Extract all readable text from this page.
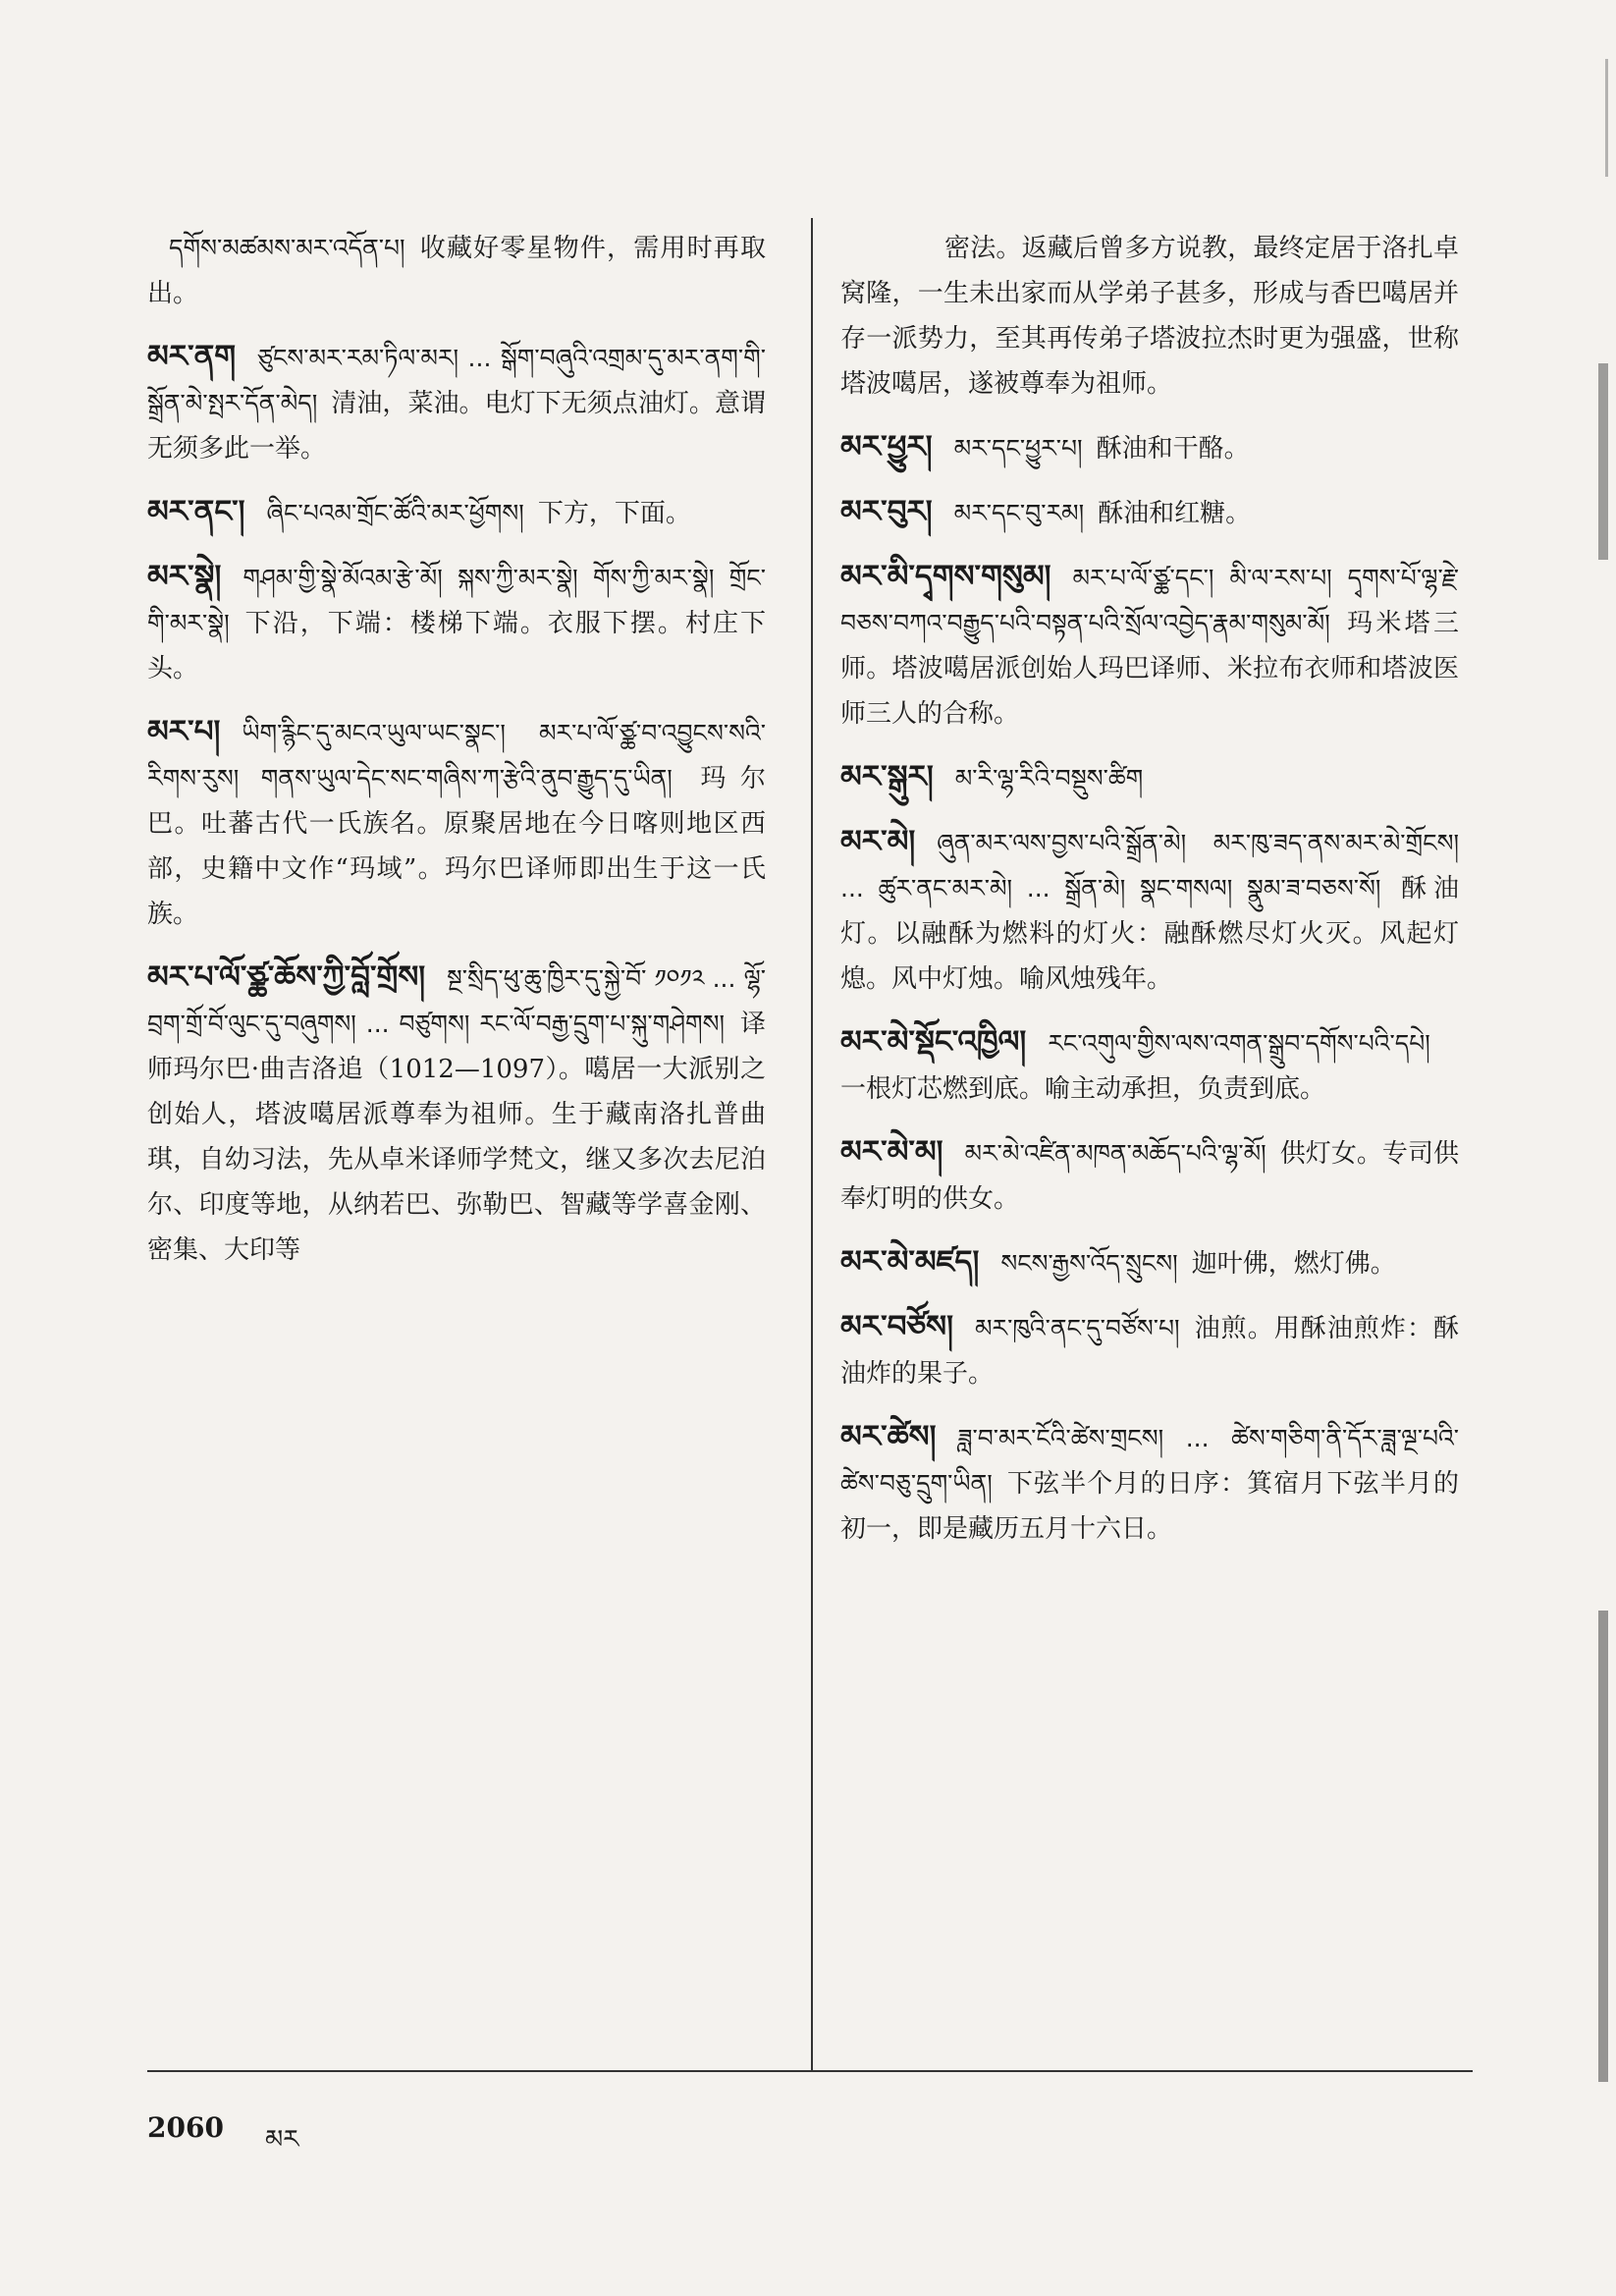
དགོས་མཚམས་མར་འདོན་པ། 收藏好零星物件，需用时再取出。
མར་ནག ཙུངས་མར་རམ་ཏིལ་མར། ... སྒོག་བཞུའི་འགྲམ་དུ་མར་ནག་གི་སྒྲོན་མེ་སྤར་དོན་མེད། 清油，菜油。电灯下无须点油灯。意谓无须多此一举。
མར་ནང་། ཞིང་པའམ་གྲོང་ཚོའི་མར་ཕྱོགས། 下方，下面。
མར་སྣེ། གཤམ་གྱི་སྣེ་མོའམ་རྩེ་མོ། སྐས་ཀྱི་མར་སྣེ། གོས་ཀྱི་མར་སྣེ། གྲོང་གི་མར་སྣེ། 下沿，下端：楼梯下端。衣服下摆。村庄下头。
མར་པ། ཡིག་རྙིང་དུ་མངའ་ཡུལ་ཡང་སྣང་། མར་པ་ལོ་ཙྪ་བ་འབྱུངས་སའི་རིགས་རུས། གནས་ཡུལ་དེང་སང་གཞིས་ཀ་རྩེའི་ནུབ་རྒྱུད་དུ་ཡིན། 玛尔巴。吐蕃古代一氏族名。原聚居地在今日喀则地区西部，史籍中文作“玛域”。玛尔巴译师即出生于这一氏族。
མར་པ་ལོ་ཙྪ་ཆོས་ཀྱི་བློ་གྲོས། སྔ་སྲིད་ཕུ་ཆུ་ཁྱིར་དུ་སྐྱེ་བོ་ ༡༠༡༢ ... ལྷོ་བྲག་གྲོ་བོ་ལུང་དུ་བཞུགས། ... བཙུགས། རང་ལོ་བརྒྱ་དྲུག་པ་སྐུ་གཤེགས། 译师玛尔巴·曲吉洛追（1012—1097）。噶居一大派别之创始人，塔波噶居派尊奉为祖师。生于藏南洛扎普曲琪，自幼习法，先从卓米译师学梵文，继又多次去尼泊尔、印度等地，从纳若巴、弥勒巴、智藏等学喜金刚、密集、大印等
密法。返藏后曾多方说教，最终定居于洛扎卓窝隆，一生未出家而从学弟子甚多，形成与香巴噶居并存一派势力，至其再传弟子塔波拉杰时更为强盛，世称塔波噶居，遂被尊奉为祖师。
མར་ཕྱུར། མར་དང་ཕྱུར་པ། 酥油和干酪。
མར་བུར། མར་དང་བུ་རམ། 酥油和红糖。
མར་མི་དྭགས་གསུམ། མར་པ་ལོ་ཙྪ་དང་། མི་ལ་རས་པ། དྭགས་པོ་ལྷ་རྗེ་བཅས་བཀའ་བརྒྱུད་པའི་བསྟན་པའི་སྲོལ་འབྱེད་རྣམ་གསུམ་མོ། 玛米塔三师。塔波噶居派创始人玛巴译师、米拉布衣师和塔波医师三人的合称。
མར་སྒུར། མ་རི་ལྷ་རིའི་བསྡུས་ཚིག
མར་མེ། ཞུན་མར་ལས་བྱས་པའི་སྒྲོན་མེ། མར་ཁུ་ཟད་ནས་མར་མེ་གྲོངས། ... ཚུར་ནང་མར་མེ། ... སྒྲོན་མེ། སྣང་གསལ། སྣུམ་ཟ་བཅས་སོ། 酥油灯。以融酥为燃料的灯火：融酥燃尽灯火灭。风起灯熄。风中灯烛。喻风烛残年。
མར་མེ་སྡོང་འཁྱིལ། རང་འགུལ་གྱིས་ལས་འགན་སྒྲུབ་དགོས་པའི་དཔེ།一根灯芯燃到底。喻主动承担，负责到底。
མར་མེ་མ། མར་མེ་འཛིན་མཁན་མཆོད་པའི་ལྷ་མོ། 供灯女。专司供奉灯明的供女。
མར་མེ་མཛད། སངས་རྒྱས་འོད་སྲུངས། 迦叶佛，燃灯佛。
མར་བཙོས། མར་ཁུའི་ནང་དུ་བཙོས་པ། 油煎。用酥油煎炸：酥油炸的果子。
མར་ཚེས། ཟླ་བ་མར་ངོའི་ཚེས་གྲངས། ... ཚེས་གཅིག་ནི་དོར་ཟླ་ལྔ་པའི་ཚེས་བཅུ་དྲུག་ཡིན། 下弦半个月的日序：箕宿月下弦半月的初一，即是藏历五月十六日。
2060 མར
